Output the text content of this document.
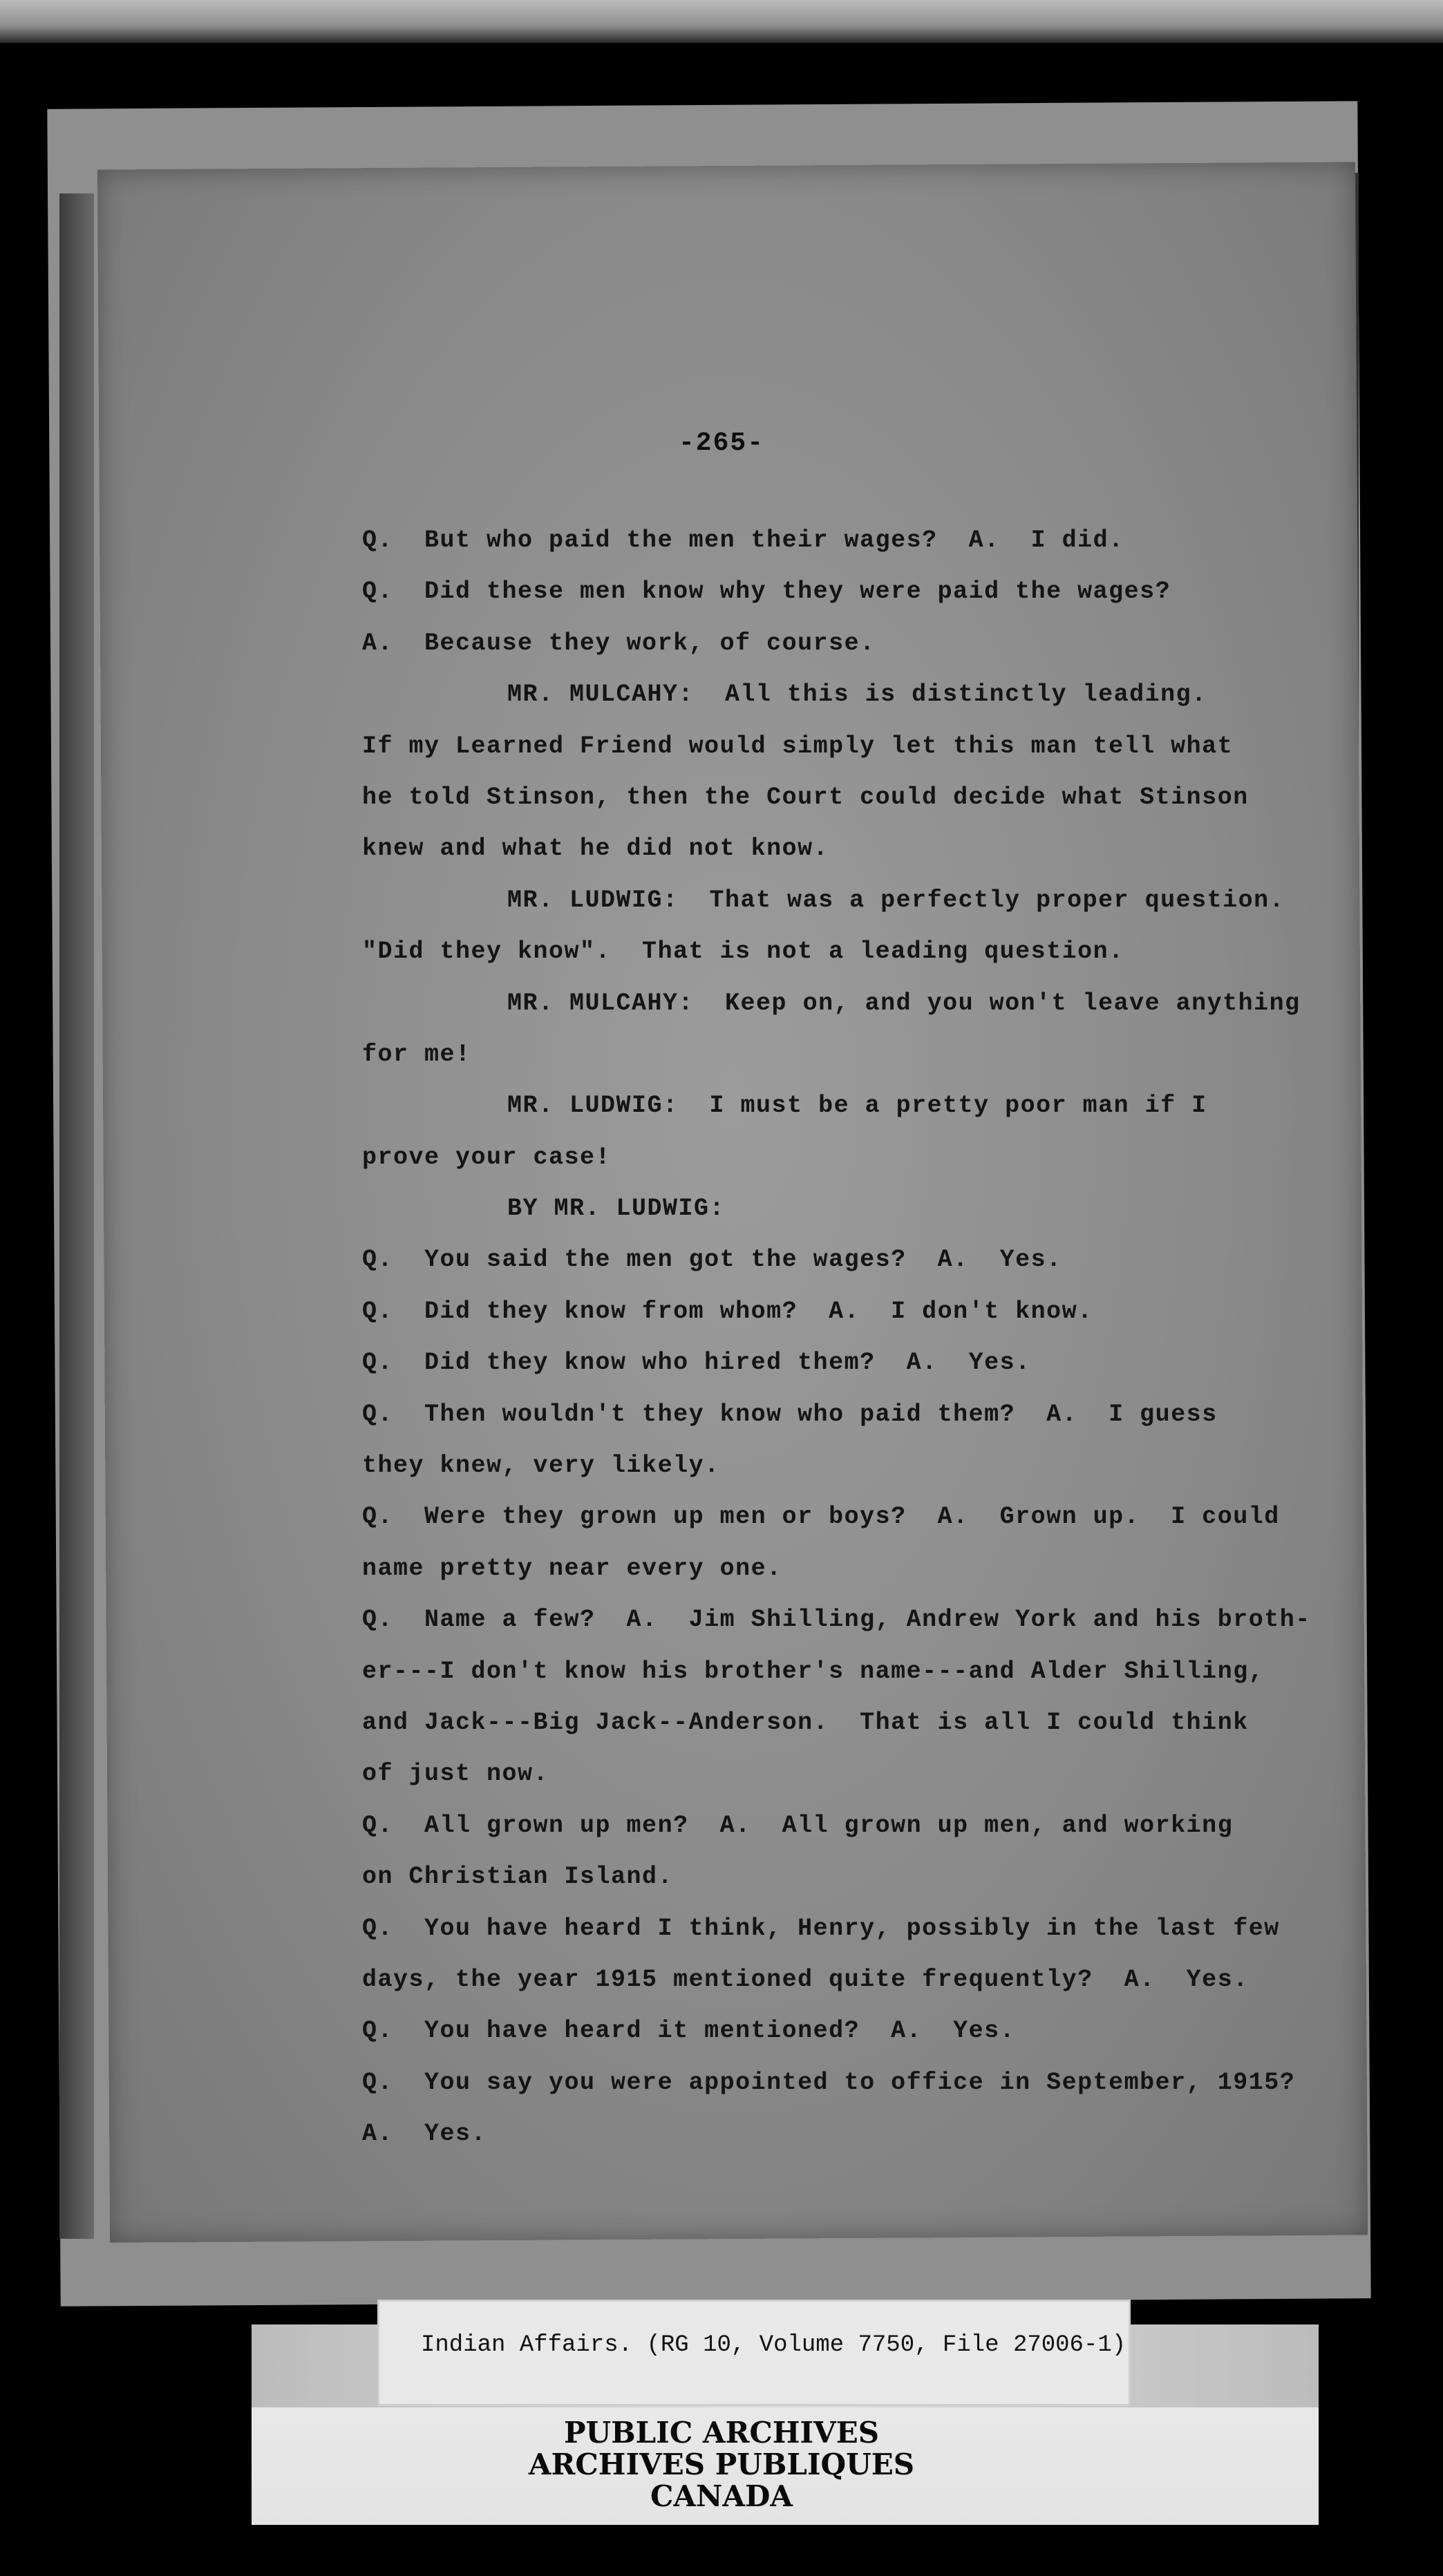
-265-
Q.  But who paid the men their wages?  A.  I did.
Q.  Did these men know why they were paid the wages?
A.  Because they work, of course.
MR. MULCAHY:  All this is distinctly leading.
If my Learned Friend would simply let this man tell what
he told Stinson, then the Court could decide what Stinson
knew and what he did not know.
MR. LUDWIG:  That was a perfectly proper question.
"Did they know".  That is not a leading question.
MR. MULCAHY:  Keep on, and you won't leave anything
for me!
MR. LUDWIG:  I must be a pretty poor man if I
prove your case!
BY MR. LUDWIG:
Q.  You said the men got the wages?  A.  Yes.
Q.  Did they know from whom?  A.  I don't know.
Q.  Did they know who hired them?  A.  Yes.
Q.  Then wouldn't they know who paid them?  A.  I guess
they knew, very likely.
Q.  Were they grown up men or boys?  A.  Grown up.  I could
name pretty near every one.
Q.  Name a few?  A.  Jim Shilling, Andrew York and his broth-
er---I don't know his brother's name---and Alder Shilling,
and Jack---Big Jack--Anderson.  That is all I could think
of just now.
Q.  All grown up men?  A.  All grown up men, and working
on Christian Island.
Q.  You have heard I think, Henry, possibly in the last few
days, the year 1915 mentioned quite frequently?  A.  Yes.
Q.  You have heard it mentioned?  A.  Yes.
Q.  You say you were appointed to office in September, 1915?
A.  Yes.
Indian Affairs. (RG 10, Volume 7750, File 27006-1)
PUBLIC ARCHIVES
ARCHIVES PUBLIQUES
CANADA
